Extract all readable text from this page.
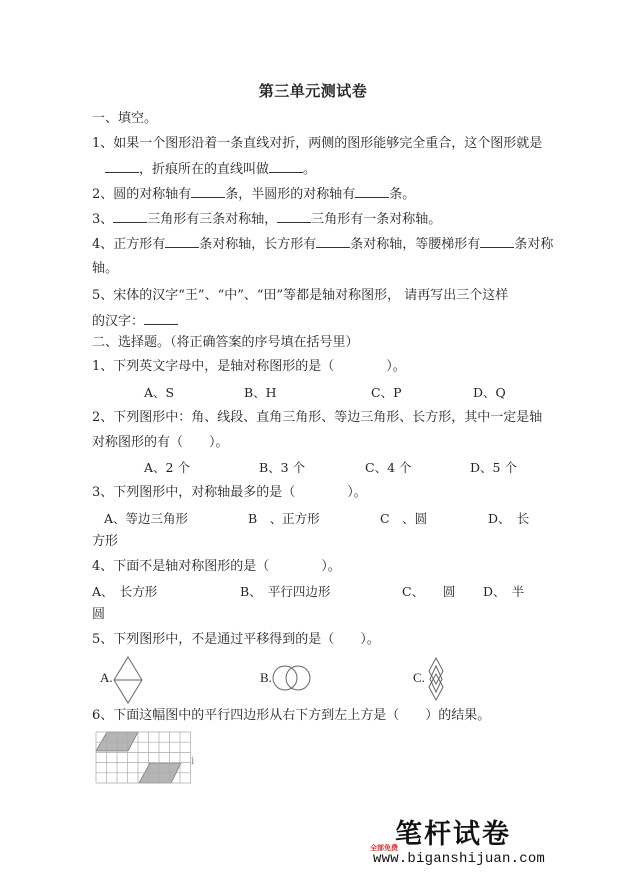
第三单元测试卷
一、填空。
1、如果一个图形沿着一条直线对折，两侧的图形能够完全重合，这个图形就是
，折痕所在的直线叫做	。
2、圆的对称轴有	条，半圆形的对称轴有	条。
3、	三角形有三条对称轴，	三角形有一条对称轴。
4、正方形有	条对称轴，长方形有	条对称轴，等腰梯形有	条对称
轴。
5、宋体的汉字“王”、“中”、“田”等都是轴对称图形， 请再写出三个这样
的汉字：
二、选择题。（将正确答案的序号填在括号里）
1、下列英文字母中，是轴对称图形的是（　　　　）。
A、S	B、H	C、P	D、Q
2、下列图形中：角、线段、直角三角形、等边三角形、长方形，其中一定是轴
对称图形的有（　　）。
A、2 个	B、3 个	C、4 个	D、5 个
3、下列图形中，对称轴最多的是（　　　　）。
A、等边三角形	B　、正方形	C　、圆	D、　长
方形
4、下面不是轴对称图形的是（　　　　）。
A、　长方形	B、　平行四边形	C、　　圆 D、　半
圆
5、下列图形中，不是通过平移得到的是（　　）。
A.	B.	C.
6、下面这幅图中的平行四边形从右下方到左上方是（　　）的结果。
i
笔杆试卷
全部免费
www.biganshijuan.com
